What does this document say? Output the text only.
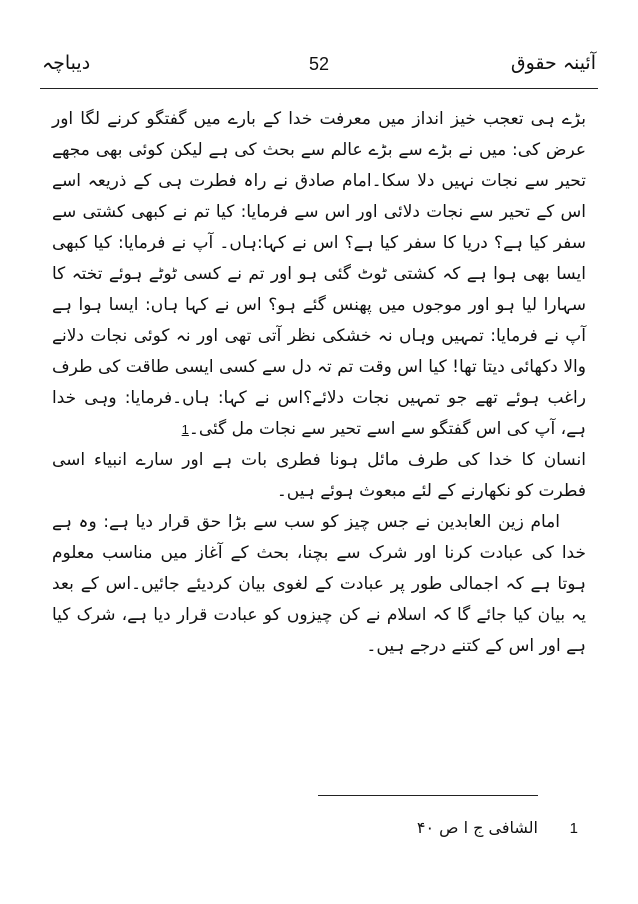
آئینہ حقوق
52
دیباچہ

بڑے ہی تعجب خیز انداز میں معرفت خدا کے بارے میں گفتگو کرنے لگا اور عرض کی: میں نے بڑے سے بڑے عالم سے بحث کی ہے لیکن کوئی بھی مجھے تحیر سے نجات نہیں دلا سکا۔امام صادق نے راہ فطرت ہی کے ذریعہ اسے اس کے تحیر سے نجات دلائی اور اس سے فرمایا: کیا تم نے کبھی کشتی سے سفر کیا ہے؟ دریا کا سفر کیا ہے؟ اس نے کہا:ہاں۔ آپ نے فرمایا: کیا کبھی ایسا بھی ہوا ہے کہ کشتی ٹوٹ گئی ہو اور تم نے کسی ٹوٹے ہوئے تختہ کا سہارا لیا ہو اور موجوں میں پھنس گئے ہو؟ اس نے کہا ہاں: ایسا ہوا ہے آپ نے فرمایا: تمہیں وہاں نہ خشکی نظر آتی تھی اور نہ کوئی نجات دلانے والا دکھائی دیتا تھا! کیا اس وقت تم تہ دل سے کسی ایسی طاقت کی طرف راغب ہوئے تھے جو تمہیں نجات دلائے؟اس نے کہا: ہاں۔فرمایا: وہی خدا ہے، آپ کی اس گفتگو سے اسے تحیر سے نجات مل گئی۔1

انسان کا خدا کی طرف مائل ہونا فطری بات ہے اور سارے انبیاء اسی فطرت کو نکھارنے کے لئے مبعوث ہوئے ہیں۔

امام زین العابدین نے جس چیز کو سب سے بڑا حق قرار دیا ہے: وہ ہے خدا کی عبادت کرنا اور شرک سے بچنا، بحث کے آغاز میں مناسب معلوم ہوتا ہے کہ اجمالی طور پر عبادت کے لغوی بیان کردیئے جائیں۔اس کے بعد یہ بیان کیا جائے گا کہ اسلام نے کن چیزوں کو عبادت قرار دیا ہے، شرک کیا ہے اور اس کے کتنے درجے ہیں۔

1
الشافی ج ا ص ۴۰
